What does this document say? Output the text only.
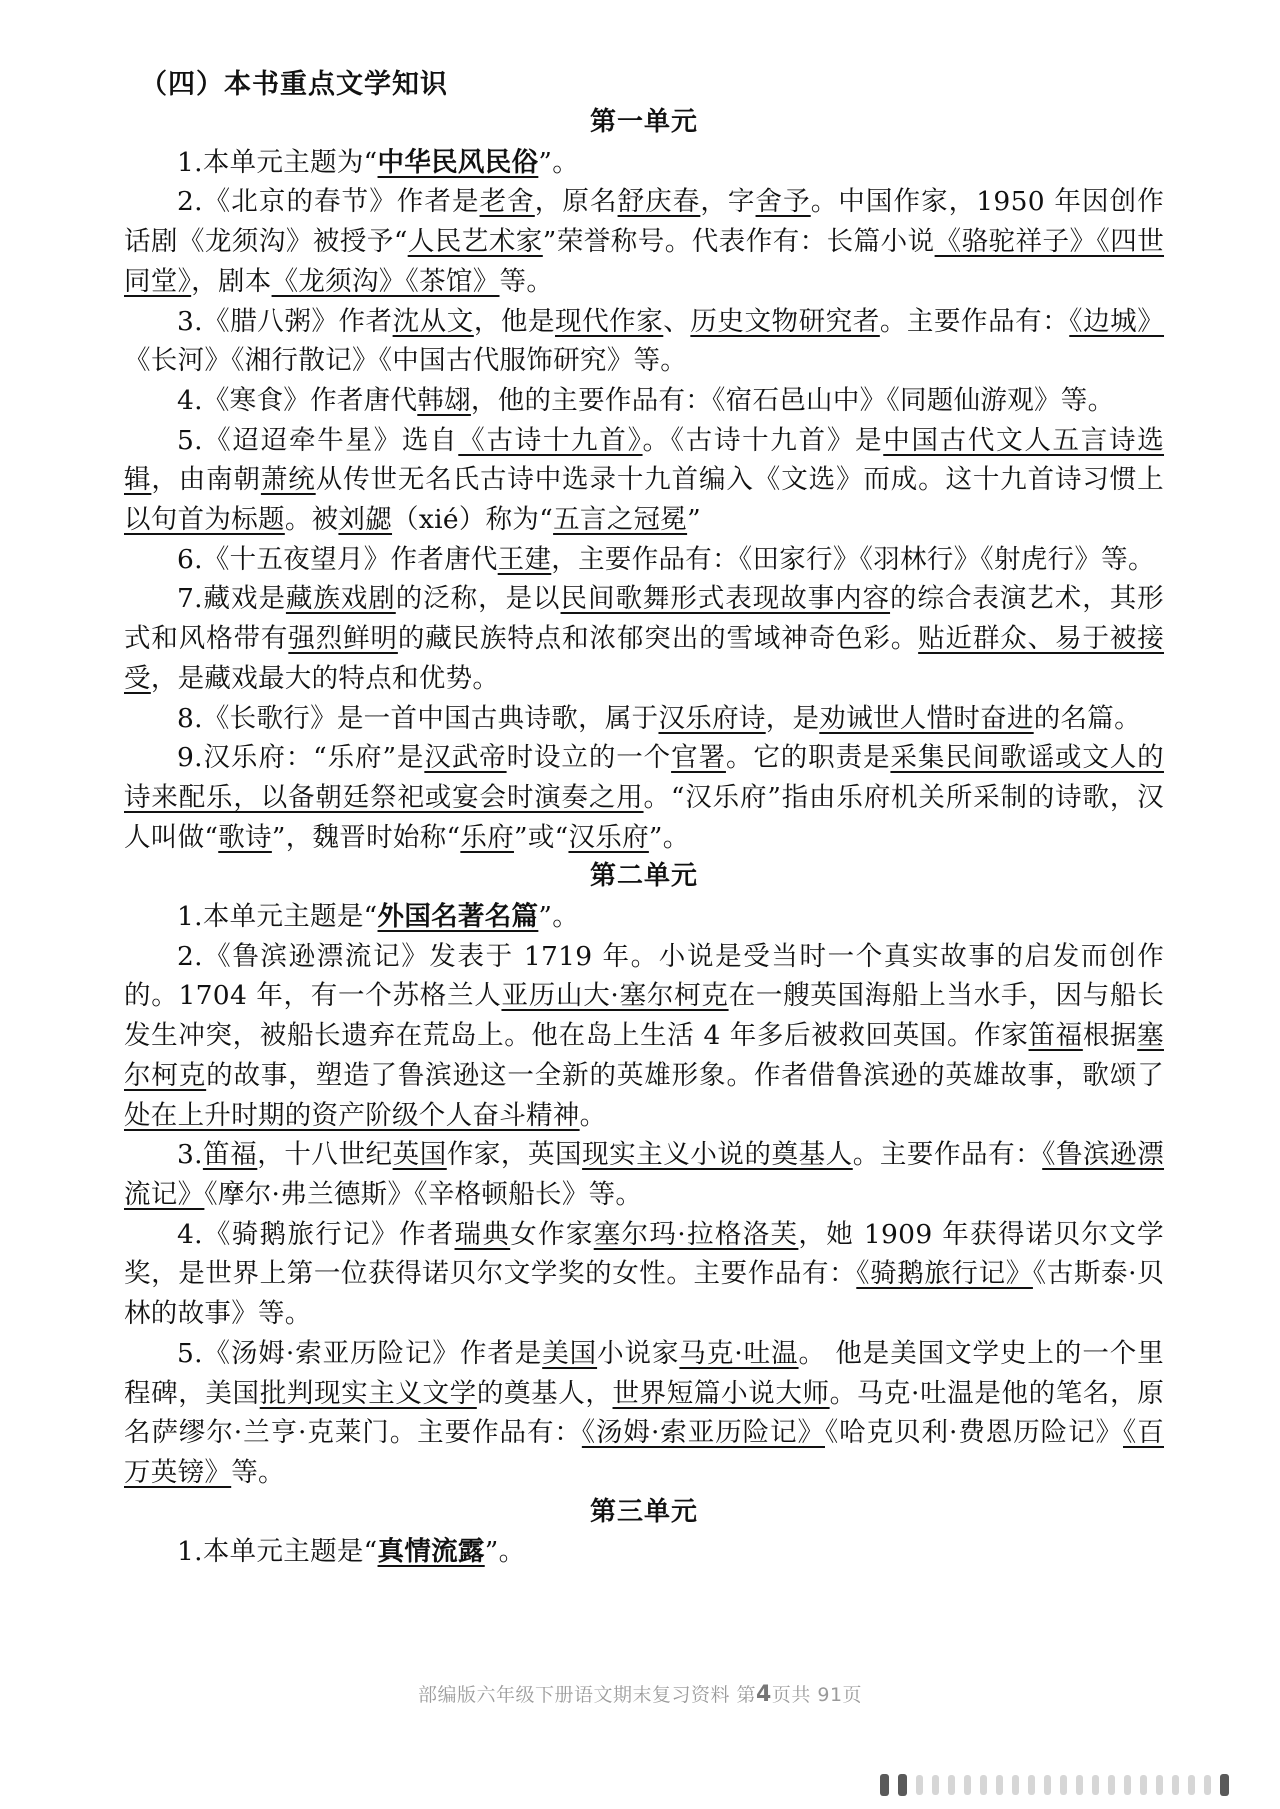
（四）本书重点文学知识
第一单元

1.本单元主题为“中华民风民俗”。

2.《北京的春节》作者是老舍，原名舒庆春，字舍予。中国作家，1950 年因创作话剧《龙须沟》被授予“人民艺术家”荣誉称号。代表作有：长篇小说《骆驼祥子》《四世同堂》，剧本《龙须沟》《茶馆》等。

3.《腊八粥》作者沈从文，他是现代作家、历史文物研究者。主要作品有：《边城》《长河》《湘行散记》《中国古代服饰研究》等。

4.《寒食》作者唐代韩翃，他的主要作品有：《宿石邑山中》《同题仙游观》等。

5.《迢迢牵牛星》选自《古诗十九首》。《古诗十九首》是中国古代文人五言诗选辑，由南朝萧统从传世无名氏古诗中选录十九首编入《文选》而成。这十九首诗习惯上以句首为标题。被刘勰（xié）称为“五言之冠冕”

6.《十五夜望月》作者唐代王建，主要作品有：《田家行》《羽林行》《射虎行》等。

7.藏戏是藏族戏剧的泛称，是以民间歌舞形式表现故事内容的综合表演艺术，其形式和风格带有强烈鲜明的藏民族特点和浓郁突出的雪域神奇色彩。贴近群众、易于被接受，是藏戏最大的特点和优势。

8.《长歌行》是一首中国古典诗歌，属于汉乐府诗，是劝诫世人惜时奋进的名篇。

9.汉乐府：“乐府”是汉武帝时设立的一个官署。它的职责是采集民间歌谣或文人的诗来配乐，以备朝廷祭祀或宴会时演奏之用。“汉乐府”指由乐府机关所采制的诗歌，汉人叫做“歌诗”，魏晋时始称“乐府”或“汉乐府”。

第二单元

1.本单元主题是“外国名著名篇”。

2.《鲁滨逊漂流记》发表于 1719 年。小说是受当时一个真实故事的启发而创作的。1704 年，有一个苏格兰人亚历山大·塞尔柯克在一艘英国海船上当水手，因与船长发生冲突，被船长遗弃在荒岛上。他在岛上生活 4 年多后被救回英国。作家笛福根据塞尔柯克的故事，塑造了鲁滨逊这一全新的英雄形象。作者借鲁滨逊的英雄故事，歌颂了处在上升时期的资产阶级个人奋斗精神。

3.笛福，十八世纪英国作家，英国现实主义小说的奠基人。主要作品有：《鲁滨逊漂流记》《摩尔·弗兰德斯》《辛格顿船长》等。

4.《骑鹅旅行记》作者瑞典女作家塞尔玛·拉格洛芙，她 1909 年获得诺贝尔文学奖，是世界上第一位获得诺贝尔文学奖的女性。主要作品有：《骑鹅旅行记》《古斯泰·贝林的故事》等。

5.《汤姆·索亚历险记》作者是美国小说家马克·吐温。 他是美国文学史上的一个里程碑，美国批判现实主义文学的奠基人，世界短篇小说大师。马克·吐温是他的笔名，原名萨缪尔·兰亨·克莱门。主要作品有：《汤姆·索亚历险记》《哈克贝利·费恩历险记》《百万英镑》等。

第三单元

1.本单元主题是“真情流露”。

部编版六年级下册语文期末复习资料 第4页共 91页
